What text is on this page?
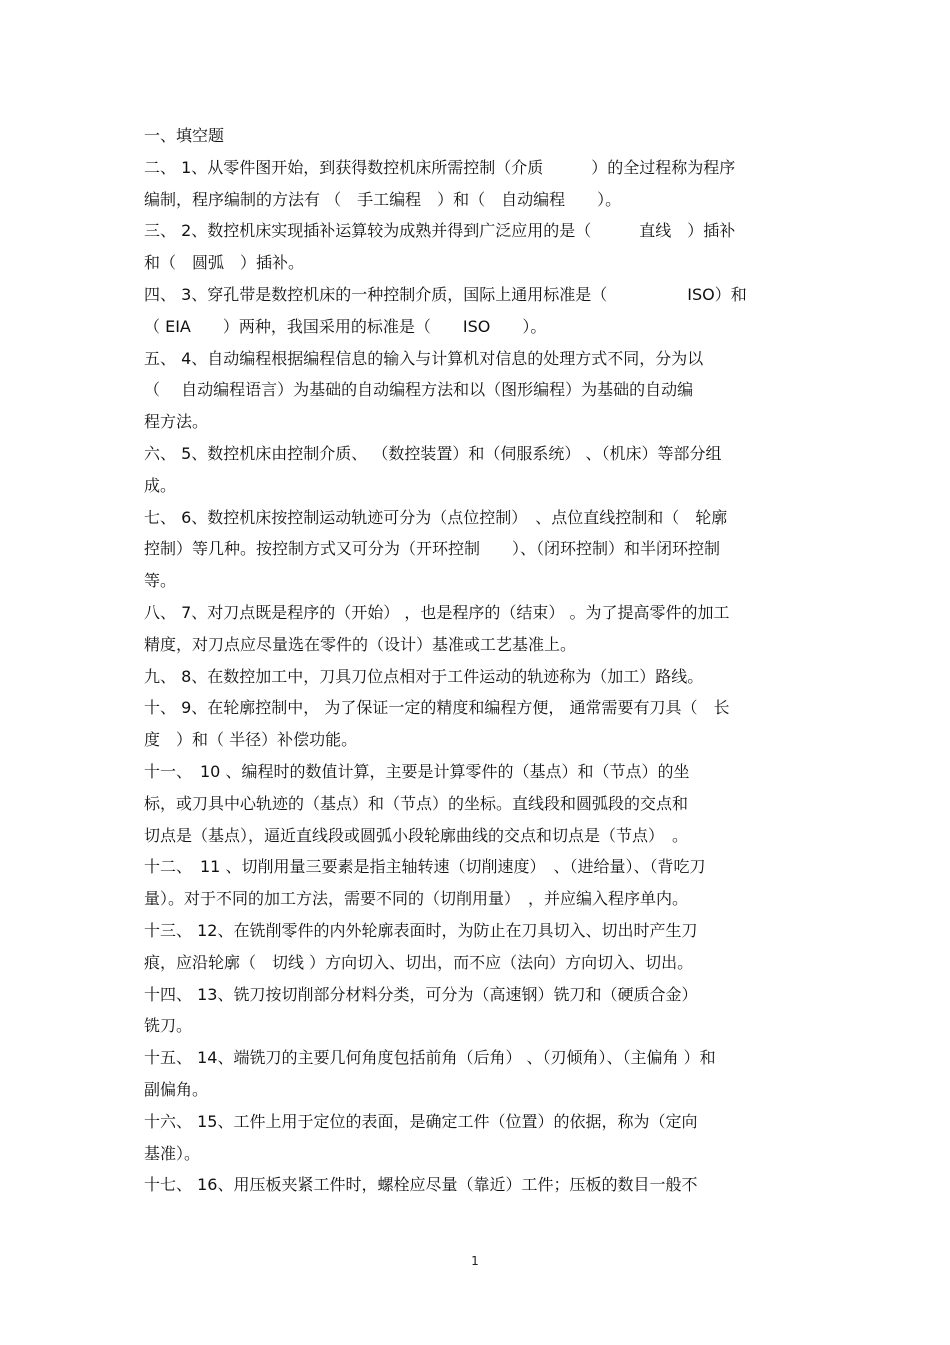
一、填空题
二、 1、从零件图开始，到获得数控机床所需控制（介质　　　）的全过程称为程序
编制，程序编制的方法有 （　手工编程　）和（　自动编程　　）。
三、 2、数控机床实现插补运算较为成熟并得到广泛应用的是（　　　直线　）插补
和（　圆弧　）插补。
四、 3、穿孔带是数控机床的一种控制介质，国际上通用标准是（　　　　　ISO）和
（ EIA　　）两种，我国采用的标准是（　　ISO　　）。
五、 4、自动编程根据编程信息的输入与计算机对信息的处理方式不同，分为以
（　 自动编程语言）为基础的自动编程方法和以（图形编程）为基础的自动编
程方法。
六、 5、数控机床由控制介质、 （数控装置）和（伺服系统） 、（机床）等部分组
成。
七、 6、数控机床按控制运动轨迹可分为（点位控制）　、点位直线控制和（　轮廓
控制）等几种。按控制方式又可分为（开环控制　　）、（闭环控制）和半闭环控制
等。
八、 7、对刀点既是程序的（开始） ，也是程序的（结束） 。为了提高零件的加工
精度，对刀点应尽量选在零件的（设计）基准或工艺基准上。
九、 8、在数控加工中，刀具刀位点相对于工件运动的轨迹称为（加工）路线。
十、 9、在轮廓控制中， 为了保证一定的精度和编程方便， 通常需要有刀具（　长
度　）和（ 半径）补偿功能。
十一、　10 、编程时的数值计算，主要是计算零件的（基点）和（节点）的坐
标，或刀具中心轨迹的（基点）和（节点）的坐标。直线段和圆弧段的交点和
切点是（基点），逼近直线段或圆弧小段轮廓曲线的交点和切点是（节点）　。
十二、　11 、切削用量三要素是指主轴转速（切削速度）　、（进给量）、（背吃刀
量）。对于不同的加工方法，需要不同的（切削用量）　，并应编入程序单内。
十三、 12、在铣削零件的内外轮廓表面时，为防止在刀具切入、切出时产生刀
痕，应沿轮廓（　切线 ）方向切入、切出，而不应（法向）方向切入、切出。
十四、 13、铣刀按切削部分材料分类，可分为（高速钢）铣刀和（硬质合金）
铣刀。
十五、 14、端铣刀的主要几何角度包括前角（后角） 、（刃倾角）、（主偏角 ）和
副偏角。
十六、 15、工件上用于定位的表面，是确定工件（位置）的依据，称为（定向
基准）。
十七、 16、用压板夹紧工件时，螺栓应尽量（靠近）工件；压板的数目一般不
1
